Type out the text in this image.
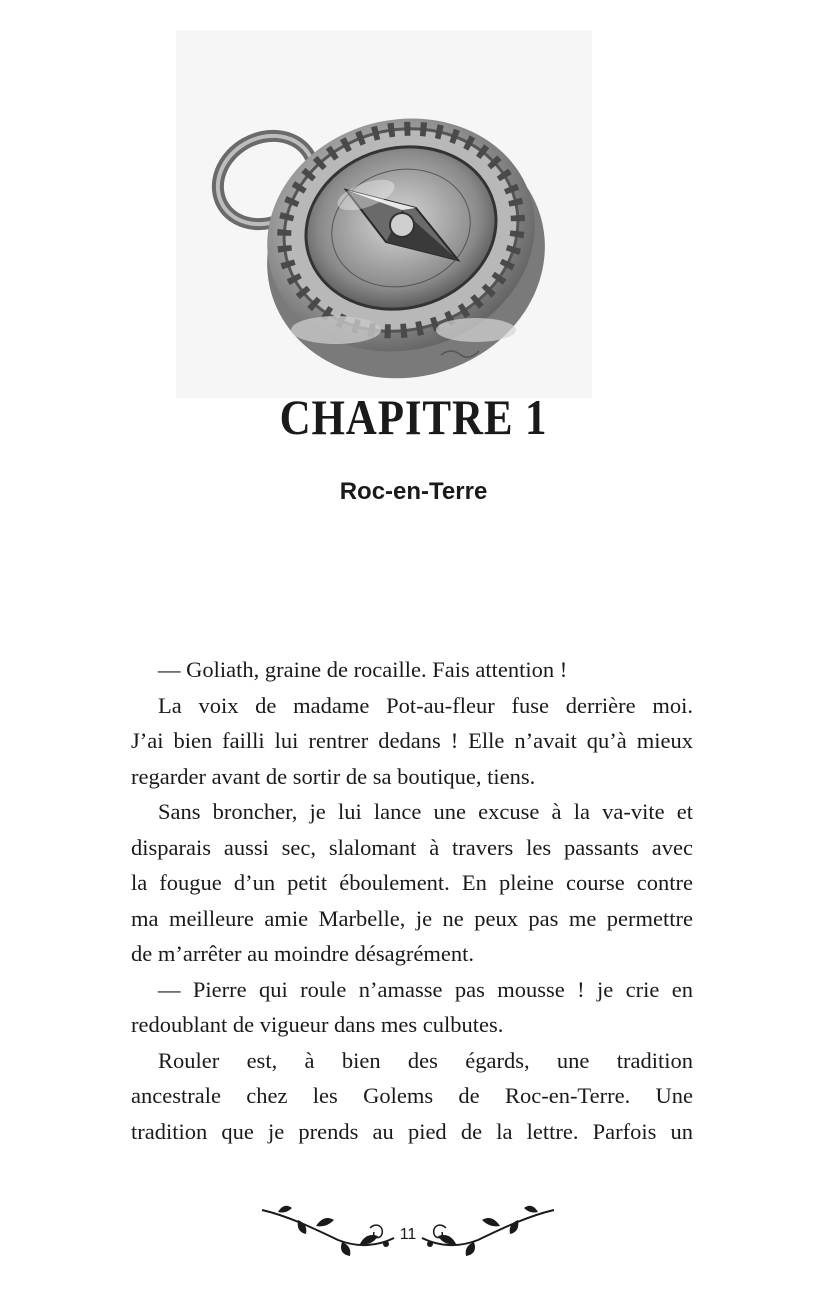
CHAPITRE 1
Roc-en-Terre
— Goliath, graine de rocaille. Fais attention !
La voix de madame Pot-au-fleur fuse derrière moi.
J’ai bien failli lui rentrer dedans ! Elle n’avait qu’à mieux
regarder avant de sortir de sa boutique, tiens.
Sans broncher, je lui lance une excuse à la va-vite et
disparais aussi sec, slalomant à travers les passants avec
la fougue d’un petit éboulement. En pleine course contre
ma meilleure amie Marbelle, je ne peux pas me permettre
de m’arrêter au moindre désagrément.
— Pierre qui roule n’amasse pas mousse ! je crie en
redoublant de vigueur dans mes culbutes.
Rouler est, à bien des égards, une tradition
ancestrale chez les Golems de Roc-en-Terre. Une
tradition que je prends au pied de la lettre. Parfois un
11
